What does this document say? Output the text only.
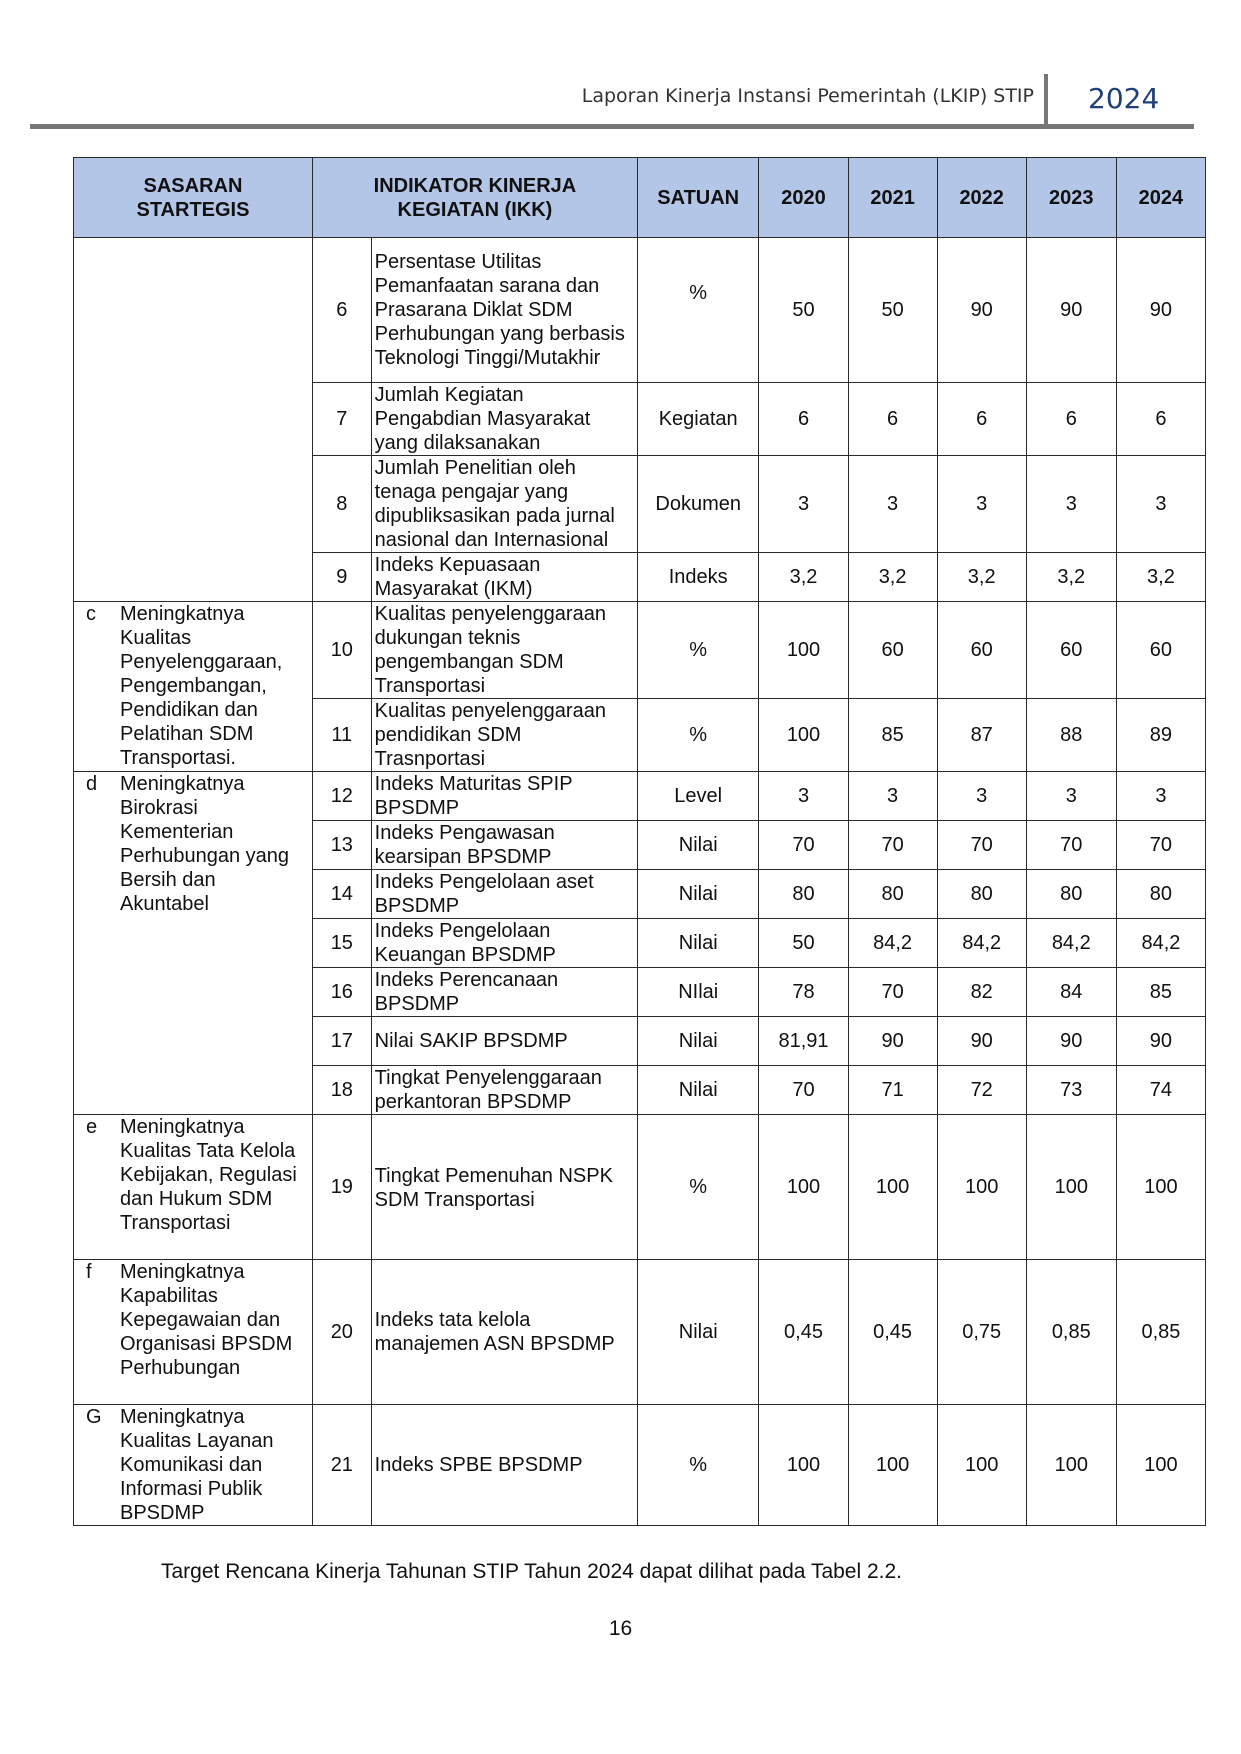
Laporan Kinerja Instansi Pemerintah (LKIP) STIP 2024
SASARAN STARTEGIS	INDIKATOR KINERJA KEGIATAN (IKK)		SATUAN	2020	2021	2022	2023	2024
	6	Persentase Utilitas Pemanfaatan sarana dan Prasarana Diklat SDM Perhubungan yang berbasis Teknologi Tinggi/Mutakhir	%	50	50	90	90	90
	7	Jumlah Kegiatan Pengabdian Masyarakat yang dilaksanakan	Kegiatan	6	6	6	6	6
	8	Jumlah Penelitian oleh tenaga pengajar yang dipubliksasikan pada jurnal nasional dan Internasional	Dokumen	3	3	3	3	3
	9	Indeks Kepuasaan Masyarakat (IKM)	Indeks	3,2	3,2	3,2	3,2	3,2

c Meningkatnya Kualitas Penyelenggaraan, Pengembangan, Pendidikan dan Pelatihan SDM Transportasi.	10	Kualitas penyelenggaraan dukungan teknis pengembangan SDM Transportasi	%	100	60	60	60	60
	11	Kualitas penyelenggaraan pendidikan SDM Trasnportasi	%	100	85	87	88	89

d Meningkatnya Birokrasi Kementerian Perhubungan yang Bersih dan Akuntabel	12	Indeks Maturitas SPIP BPSDMP	Level	3	3	3	3	3
	13	Indeks Pengawasan kearsipan BPSDMP	Nilai	70	70	70	70	70
	14	Indeks Pengelolaan aset BPSDMP	Nilai	80	80	80	80	80
	15	Indeks Pengelolaan Keuangan BPSDMP	Nilai	50	84,2	84,2	84,2	84,2
	16	Indeks Perencanaan BPSDMP	NIlai	78	70	82	84	85
	17	Nilai SAKIP BPSDMP	Nilai	81,91	90	90	90	90
	18	Tingkat Penyelenggaraan perkantoran BPSDMP	Nilai	70	71	72	73	74

e Meningkatnya Kualitas Tata Kelola Kebijakan, Regulasi dan Hukum SDM Transportasi	19	Tingkat Pemenuhan NSPK SDM Transportasi	%	100	100	100	100	100

f Meningkatnya Kapabilitas Kepegawaian dan Organisasi BPSDM Perhubungan	20	Indeks tata kelola manajemen ASN BPSDMP	Nilai	0,45	0,45	0,75	0,85	0,85

G Meningkatnya Kualitas Layanan Komunikasi dan Informasi Publik BPSDMP	21	Indeks SPBE BPSDMP	%	100	100	100	100	100
Target Rencana Kinerja Tahunan STIP Tahun 2024 dapat dilihat pada Tabel 2.2.
16
